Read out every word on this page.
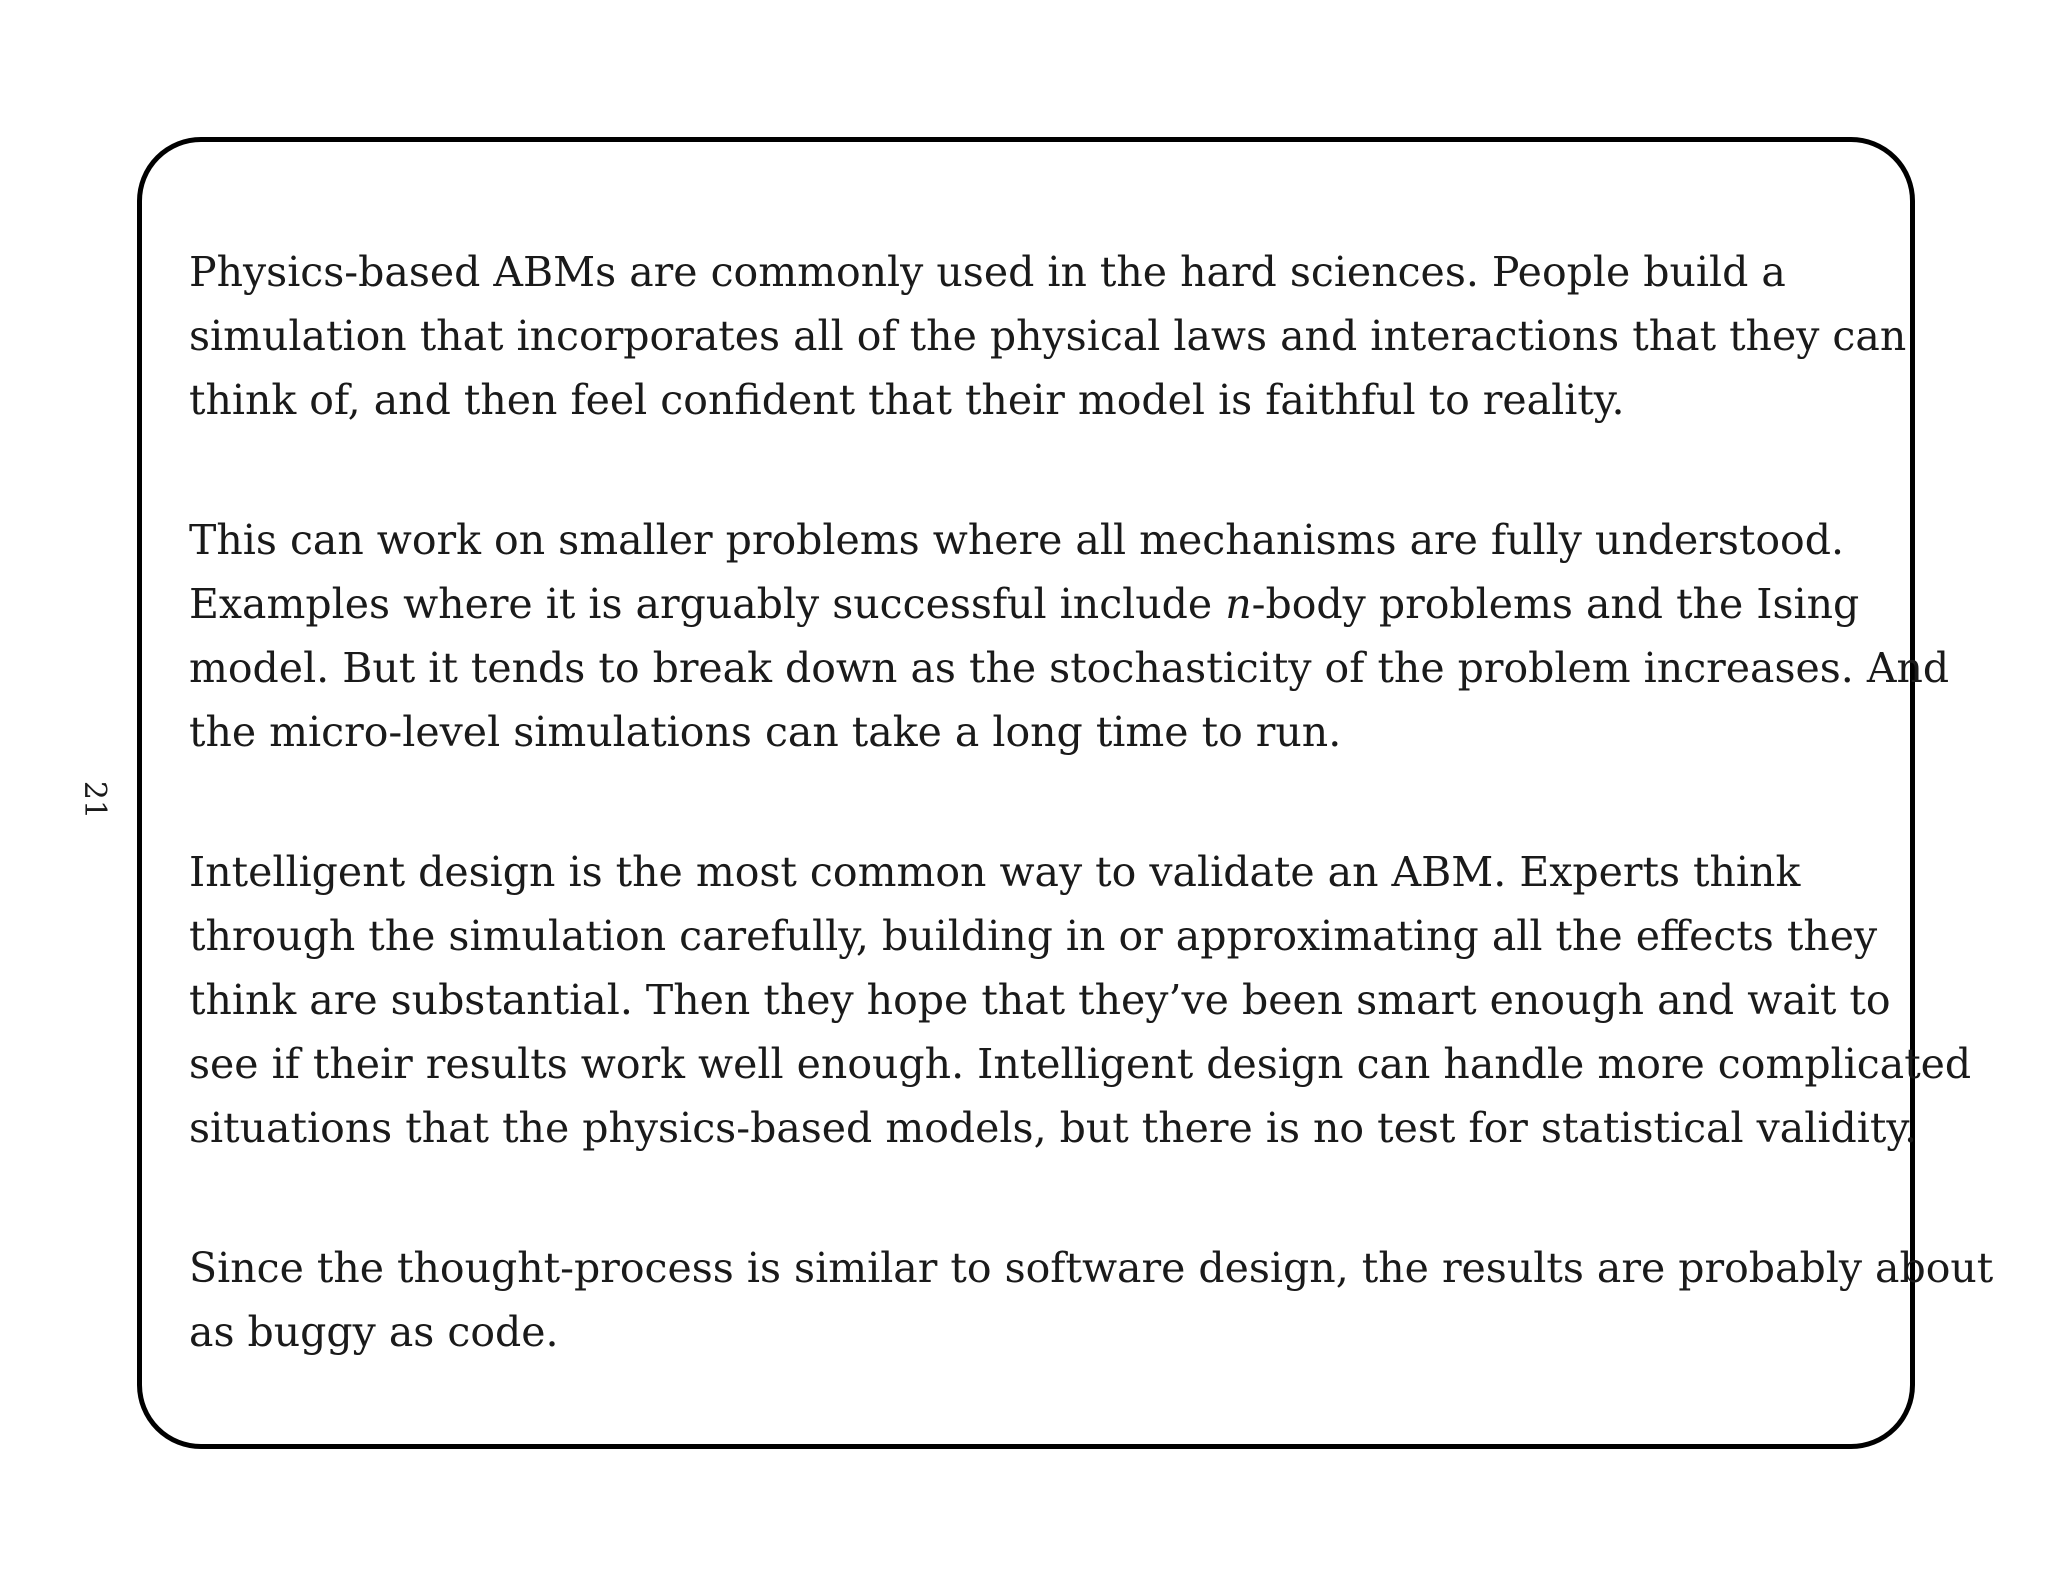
21

Physics-based ABMs are commonly used in the hard sciences. People build a
simulation that incorporates all of the physical laws and interactions that they can
think of, and then feel confident that their model is faithful to reality.

This can work on smaller problems where all mechanisms are fully understood.
Examples where it is arguably successful include n-body problems and the Ising
model. But it tends to break down as the stochasticity of the problem increases. And
the micro-level simulations can take a long time to run.

Intelligent design is the most common way to validate an ABM. Experts think
through the simulation carefully, building in or approximating all the effects they
think are substantial. Then they hope that they’ve been smart enough and wait to
see if their results work well enough. Intelligent design can handle more complicated
situations that the physics-based models, but there is no test for statistical validity.

Since the thought-process is similar to software design, the results are probably about
as buggy as code.
